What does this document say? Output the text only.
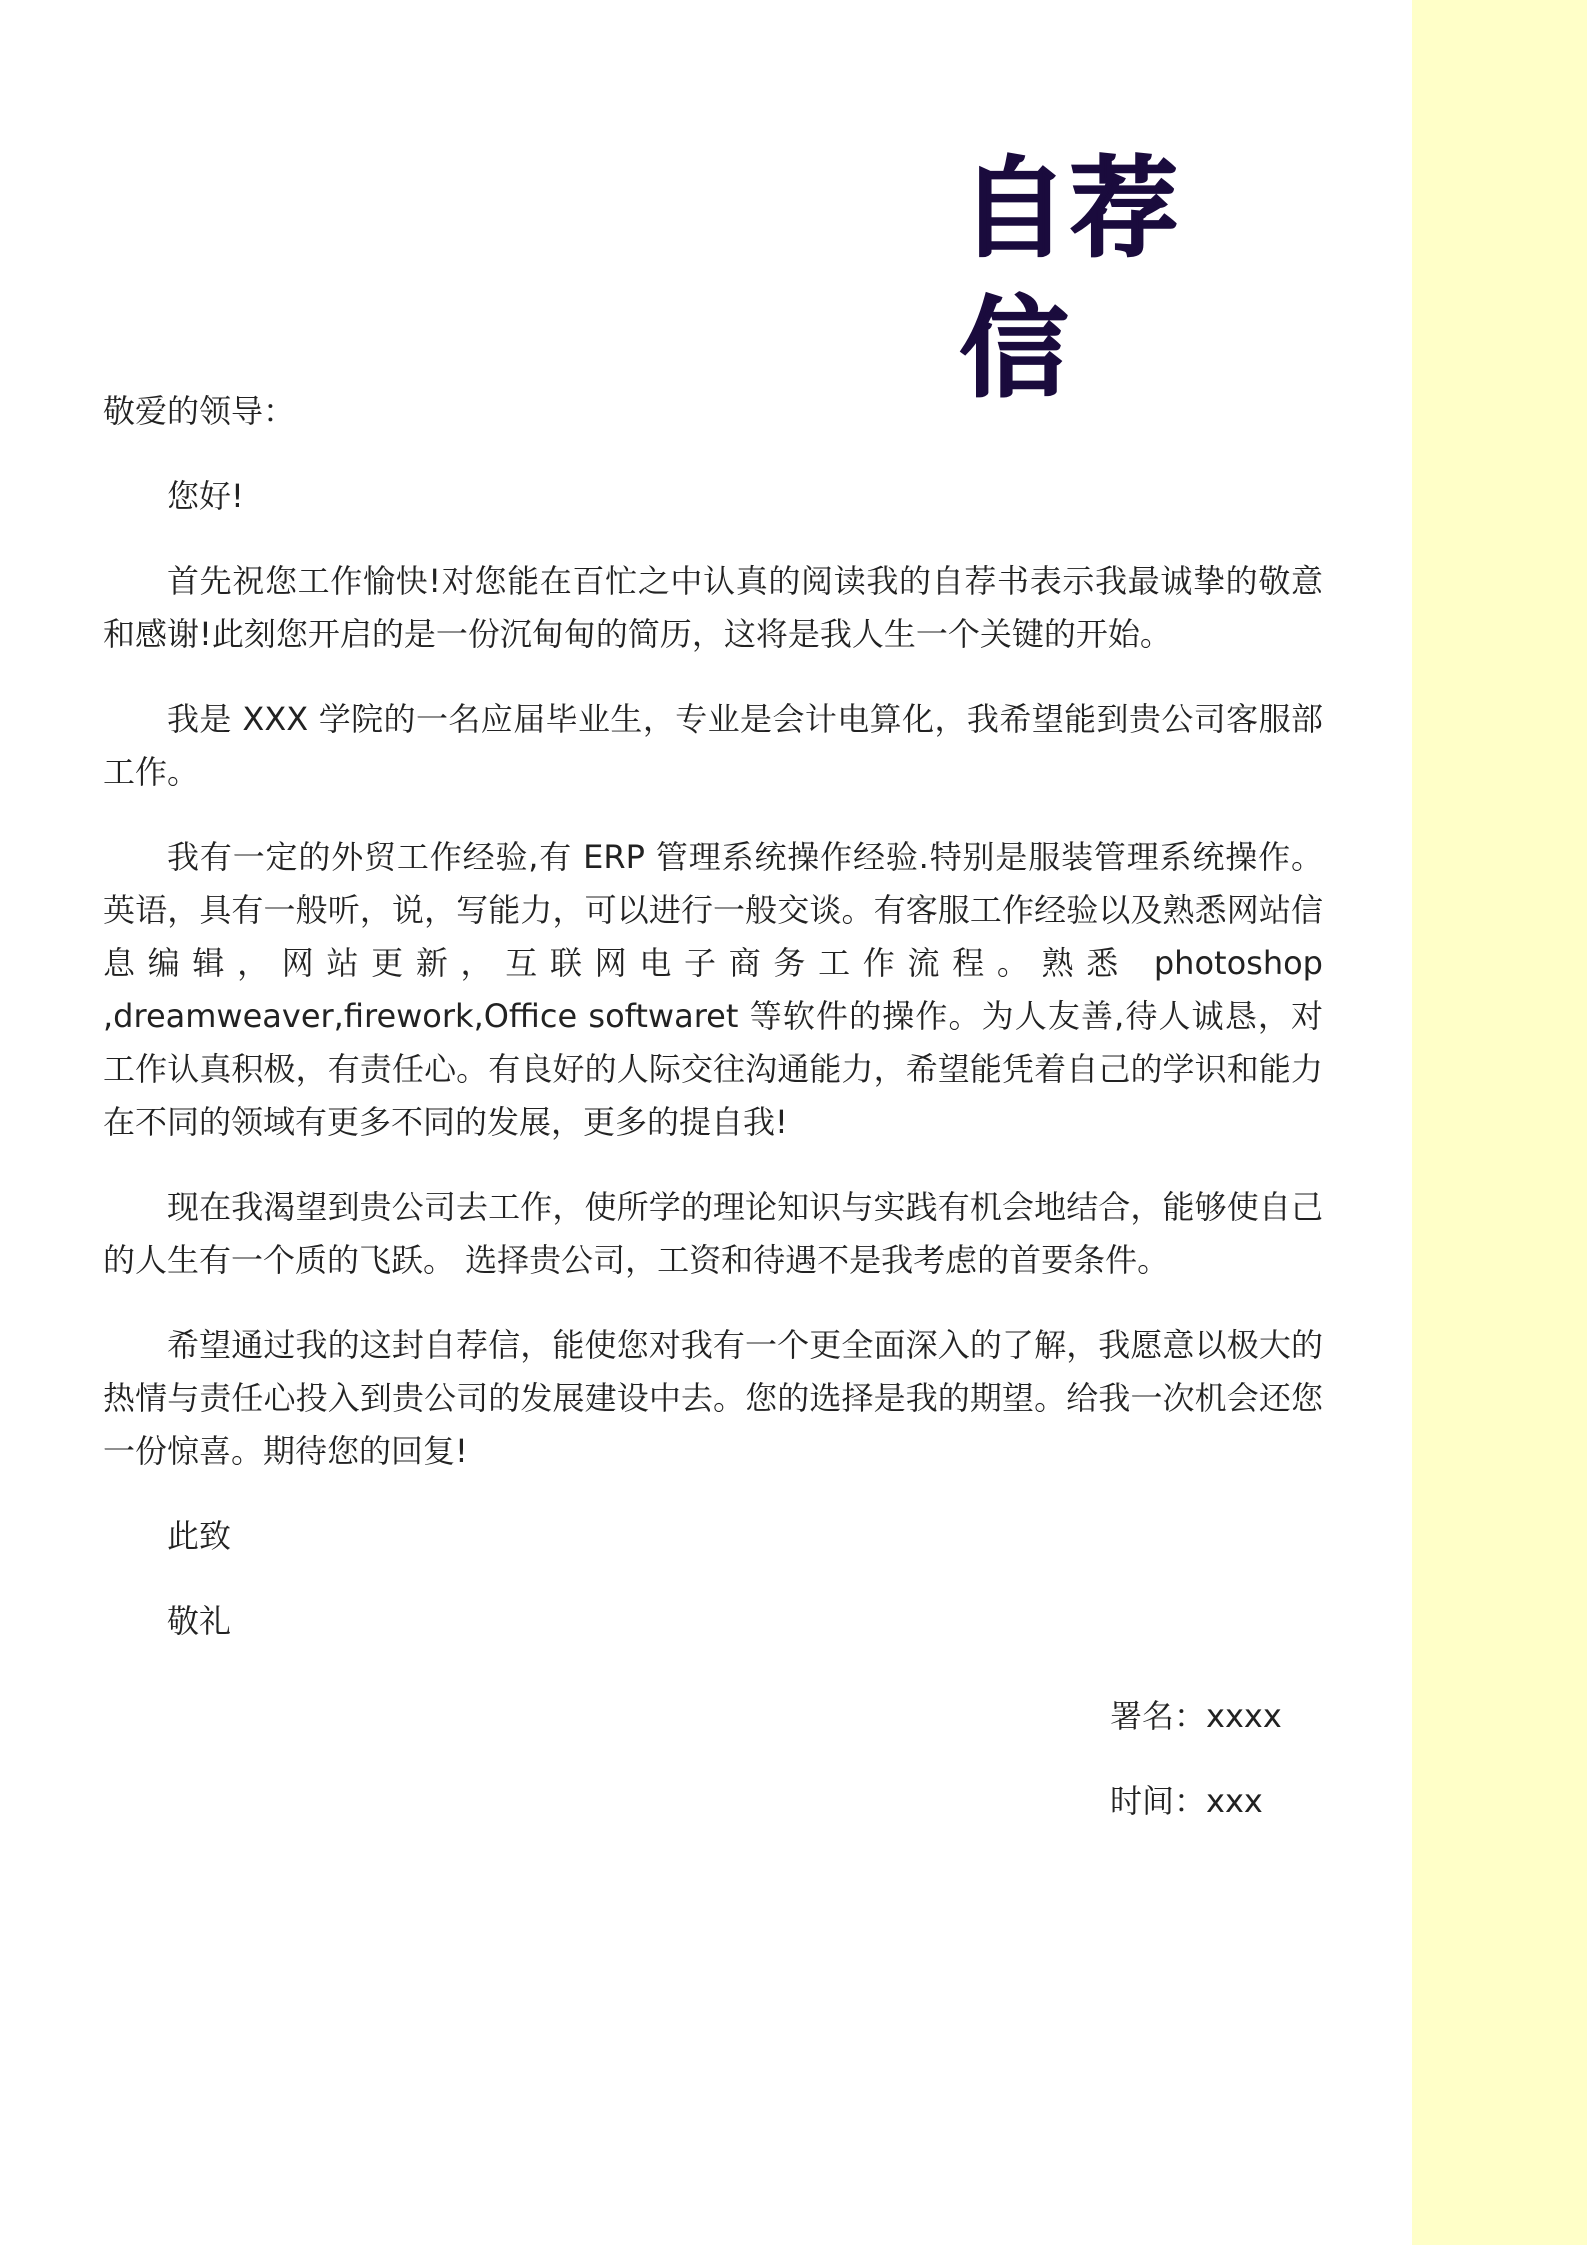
自荐信

敬爱的领导：

您好!

首先祝您工作愉快!对您能在百忙之中认真的阅读我的自荐书表示我最诚挚的敬意和感谢!此刻您开启的是一份沉甸甸的简历，这将是我人生一个关键的开始。

我是 XXX 学院的一名应届毕业生，专业是会计电算化，我希望能到贵公司客服部工作。

我有一定的外贸工作经验,有 ERP 管理系统操作经验.特别是服装管理系统操作。英语，具有一般听，说，写能力，可以进行一般交谈。有客服工作经验以及熟悉网站信息编辑，网站更新，互联网电子商务工作流程。熟悉 photoshop ,dreamweaver,firework,Office softwaret 等软件的操作。为人友善,待人诚恳，对工作认真积极，有责任心。有良好的人际交往沟通能力，希望能凭着自己的学识和能力在不同的领域有更多不同的发展，更多的提自我!

现在我渴望到贵公司去工作，使所学的理论知识与实践有机会地结合，能够使自己的人生有一个质的飞跃。 选择贵公司，工资和待遇不是我考虑的首要条件。

希望通过我的这封自荐信，能使您对我有一个更全面深入的了解，我愿意以极大的热情与责任心投入到贵公司的发展建设中去。您的选择是我的期望。给我一次机会还您一份惊喜。期待您的回复!

此致

敬礼

署名：xxxx

时间：xxx
